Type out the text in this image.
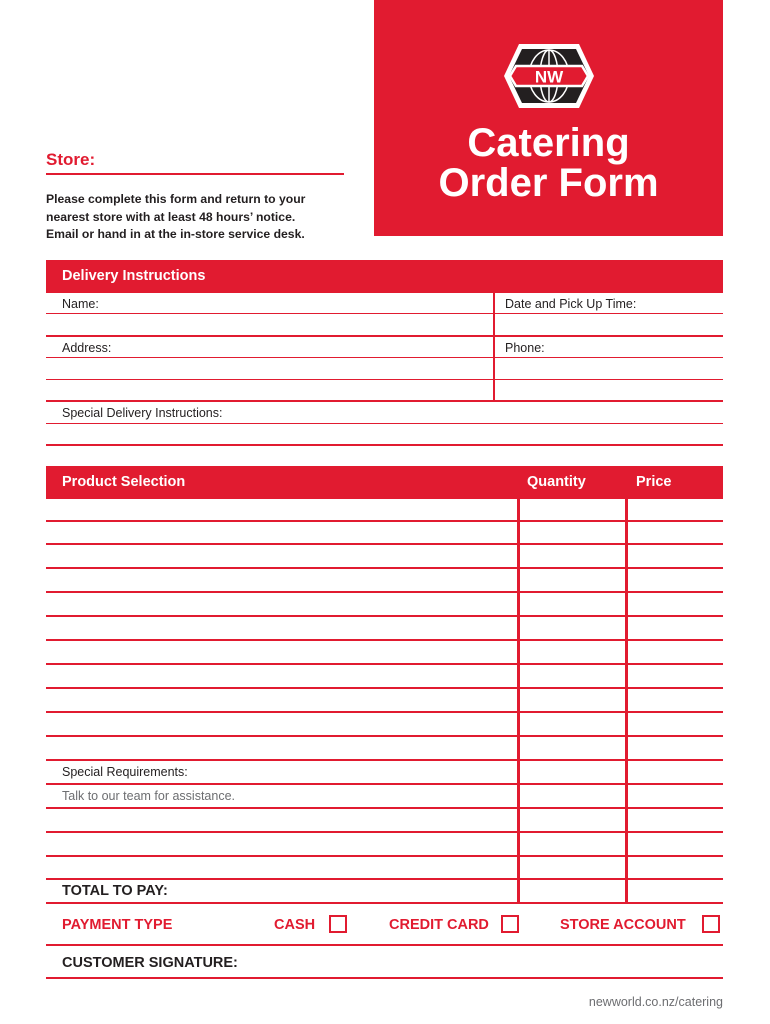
NW
Catering
Order Form
Store:
Please complete this form and return to your
nearest store with at least 48 hours’ notice.
Email or hand in at the in-store service desk.
Delivery Instructions
Name:	Date and Pick Up Time:
Address:	Phone:
Special Delivery Instructions:
Product Selection	Quantity	Price
Special Requirements:
Talk to our team for assistance.
TOTAL TO PAY:
PAYMENT TYPE	CASH	CREDIT CARD	STORE ACCOUNT
CUSTOMER SIGNATURE:
newworld.co.nz/catering
